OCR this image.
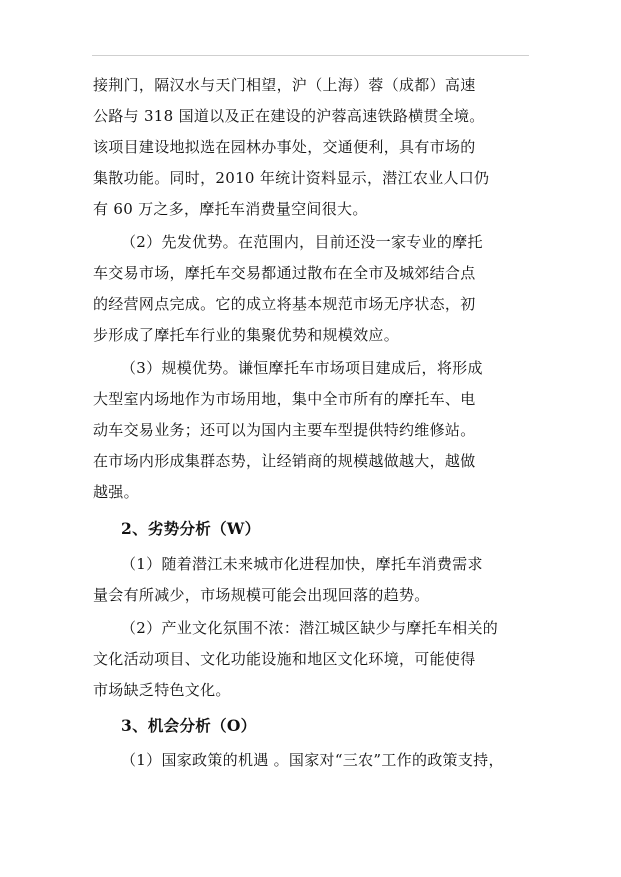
接荆门，隔汉水与天门相望，沪（上海）蓉（成都）高速
公路与 318 国道以及正在建设的沪蓉高速铁路横贯全境。
该项目建设地拟选在园林办事处，交通便利，具有市场的
集散功能。同时，2010 年统计资料显示，潜江农业人口仍
有 60 万之多，摩托车消费量空间很大。
（2）先发优势。在范围内，目前还没一家专业的摩托
车交易市场，摩托车交易都通过散布在全市及城郊结合点
的经营网点完成。它的成立将基本规范市场无序状态，初
步形成了摩托车行业的集聚优势和规模效应。
（3）规模优势。谦恒摩托车市场项目建成后，将形成
大型室内场地作为市场用地，集中全市所有的摩托车、电
动车交易业务；还可以为国内主要车型提供特约维修站。
在市场内形成集群态势，让经销商的规模越做越大，越做
越强。
2、劣势分析（W）
（1）随着潜江未来城市化进程加快，摩托车消费需求
量会有所减少，市场规模可能会出现回落的趋势。
（2）产业文化氛围不浓：潜江城区缺少与摩托车相关的
文化活动项目、文化功能设施和地区文化环境，可能使得
市场缺乏特色文化。
3、机会分析（O）
（1）国家政策的机遇 。国家对“三农”工作的政策支持，
